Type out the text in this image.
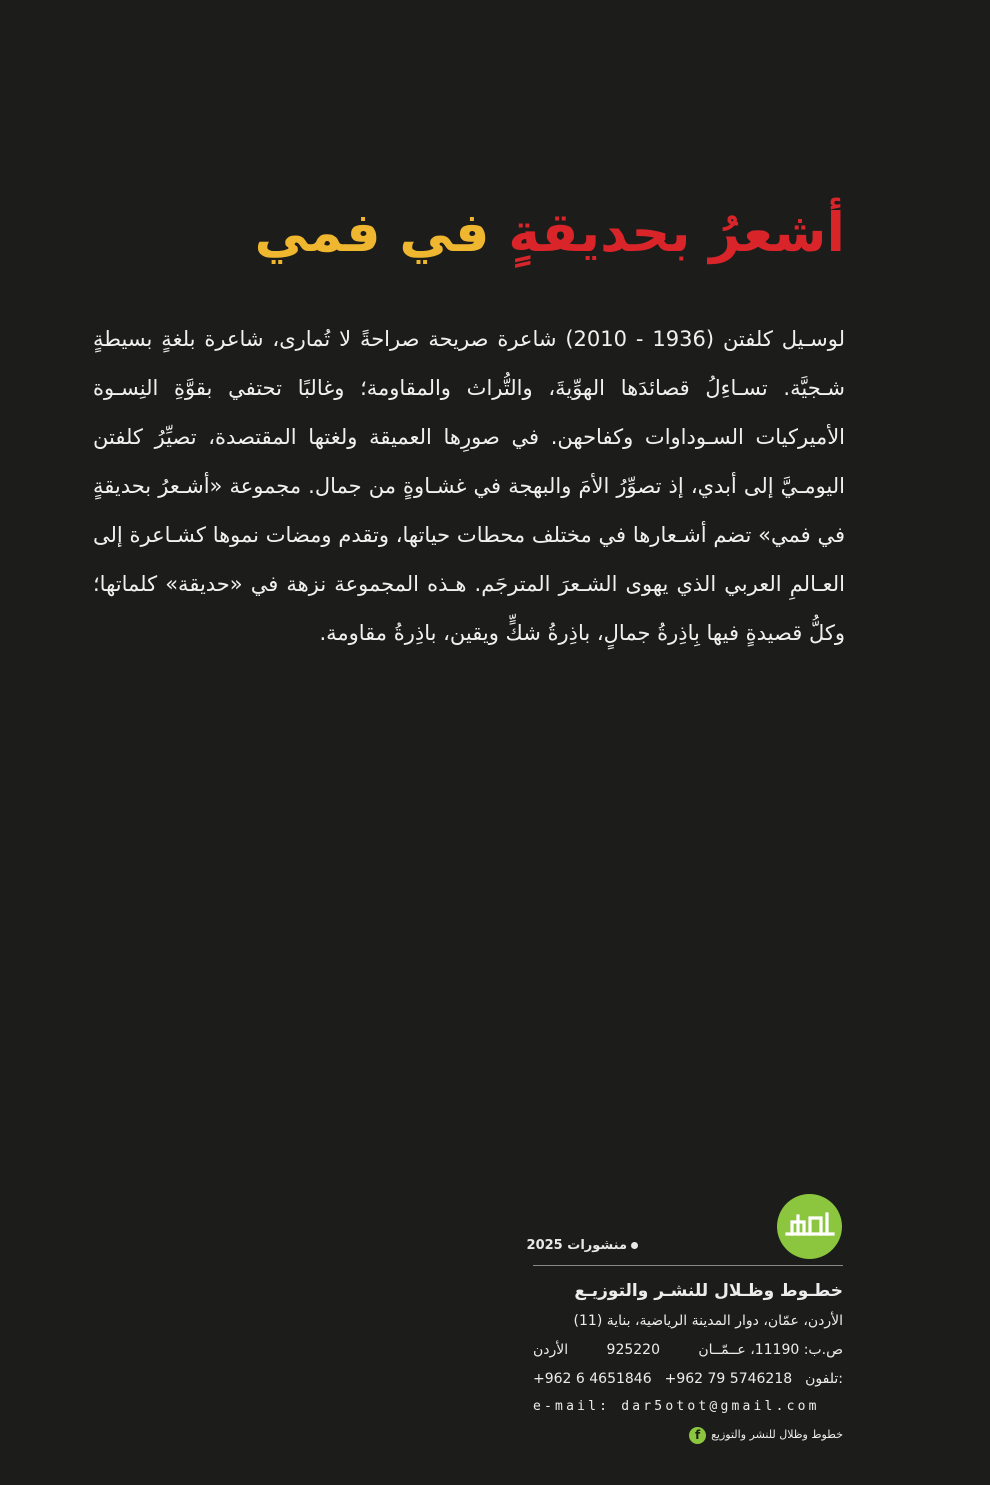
أشعرُ بحديقةٍ في فمي

لوسـيل كلفتن (1936 - 2010) شاعرة صريحة صراحةً لا تُمارى، شاعرة بلغةٍ بسيطةٍ شـجيَّة. تسـاءِلُ قصائدَها الهوِّيةَ، والتُّراث والمقاومة؛ وغالبًا تحتفي بقوَّةِ النِسـوة الأميركيات السـوداوات وكفاحهن. في صورِها العميقة ولغتها المقتصدة، تصيِّرُ كلفتن اليومـيَّ إلى أبدي، إذ تصوِّرُ الأمَ والبهجة في غشـاوةٍ من جمال. مجموعة «أشـعرُ بحديقةٍ في فمي» تضم أشـعارها في مختلف محطات حياتها، وتقدم ومضات نموها كشـاعرة إلى العـالمِ العربي الذي يهوى الشـعرَ المترجَم. هـذه المجموعة نزهة في «حديقة» كلماتها؛ وكلُّ قصيدةٍ فيها بِاذِرةُ جمالٍ، باذِرةُ شكٍّ ويقين، باذِرةُ مقاومة.

منشورات 2025
خطـوط وظـلال للنشـر والتوزيـع
الأردن، عمّان، دوار المدينة الرياضية، بناية (11)
ص.ب: 11190، عــمّــان
925220
الأردن
تلفون:
+962 79 5746218
+962 6 4651846
e-mail: dar5otot@gmail.com
خطوط وظلال للنشر والتوزيعf
